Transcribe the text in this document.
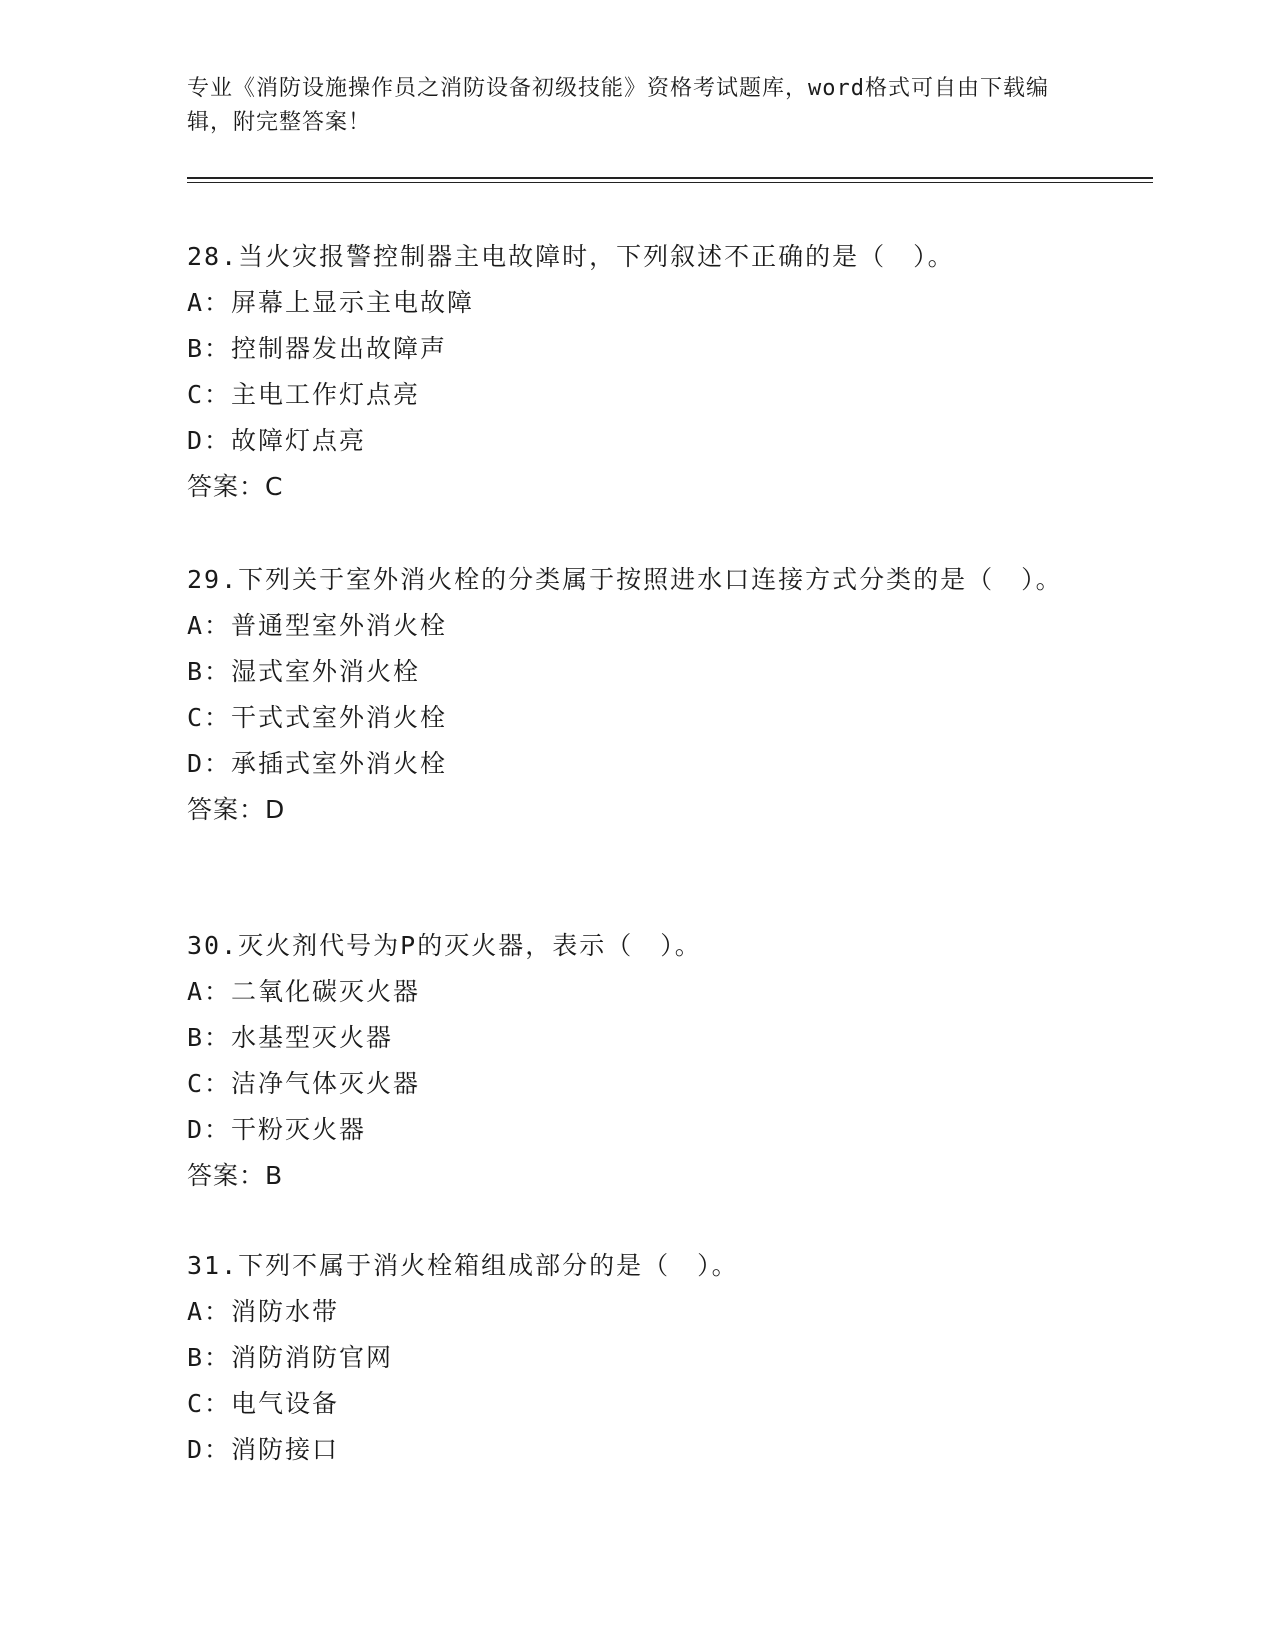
专业《消防设施操作员之消防设备初级技能》资格考试题库，word格式可自由下载编辑，附完整答案！

28.当火灾报警控制器主电故障时，下列叙述不正确的是（　）。

A：屏幕上显示主电故障

B：控制器发出故障声

C：主电工作灯点亮

D：故障灯点亮

答案：C

29.下列关于室外消火栓的分类属于按照进水口连接方式分类的是（　）。

A：普通型室外消火栓

B：湿式室外消火栓

C：干式式室外消火栓

D：承插式室外消火栓

答案：D

30.灭火剂代号为P的灭火器，表示（　）。

A：二氧化碳灭火器

B：水基型灭火器

C：洁净气体灭火器

D：干粉灭火器

答案：B

31.下列不属于消火栓箱组成部分的是（　）。

A：消防水带

B：消防消防官网

C：电气设备

D：消防接口
